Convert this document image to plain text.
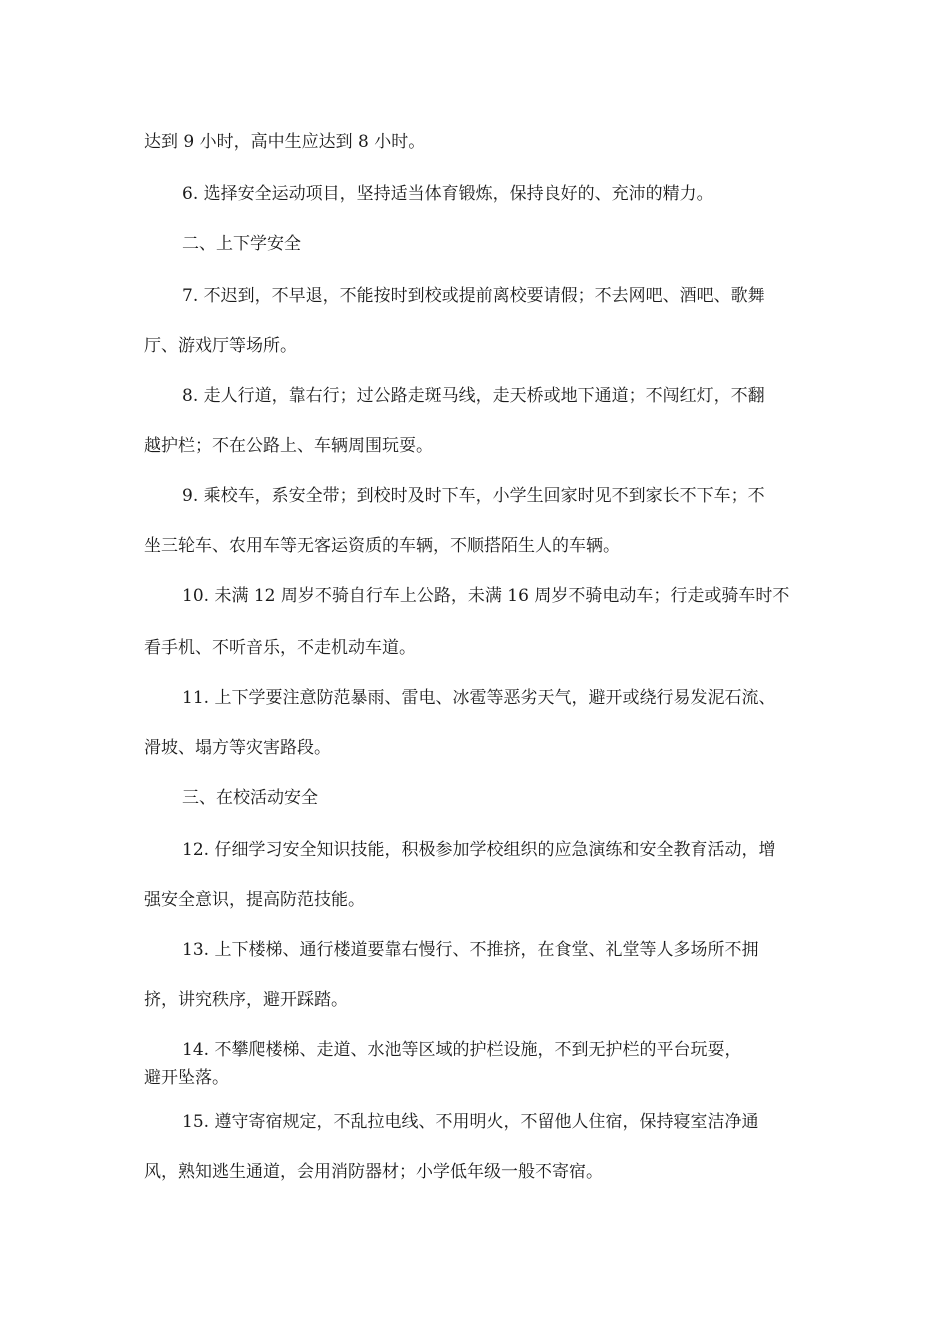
达到 9 小时，高中生应达到 8 小时。
6. 选择安全运动项目，坚持适当体育锻炼，保持良好的、充沛的精力。
二、上下学安全
7. 不迟到，不早退，不能按时到校或提前离校要请假；不去网吧、酒吧、歌舞
厅、游戏厅等场所。
8. 走人行道，靠右行；过公路走斑马线，走天桥或地下通道；不闯红灯，不翻
越护栏；不在公路上、车辆周围玩耍。
9. 乘校车，系安全带；到校时及时下车，小学生回家时见不到家长不下车；不
坐三轮车、农用车等无客运资质的车辆，不顺搭陌生人的车辆。
10. 未满 12 周岁不骑自行车上公路，未满 16 周岁不骑电动车；行走或骑车时不
看手机、不听音乐，不走机动车道。
11. 上下学要注意防范暴雨、雷电、冰雹等恶劣天气，避开或绕行易发泥石流、
滑坡、塌方等灾害路段。
三、在校活动安全
12. 仔细学习安全知识技能，积极参加学校组织的应急演练和安全教育活动，增
强安全意识，提高防范技能。
13. 上下楼梯、通行楼道要靠右慢行、不推挤，在食堂、礼堂等人多场所不拥
挤，讲究秩序，避开踩踏。
14. 不攀爬楼梯、走道、水池等区域的护栏设施，不到无护栏的平台玩耍，
避开坠落。
15. 遵守寄宿规定，不乱拉电线、不用明火，不留他人住宿，保持寝室洁净通
风，熟知逃生通道，会用消防器材；小学低年级一般不寄宿。
